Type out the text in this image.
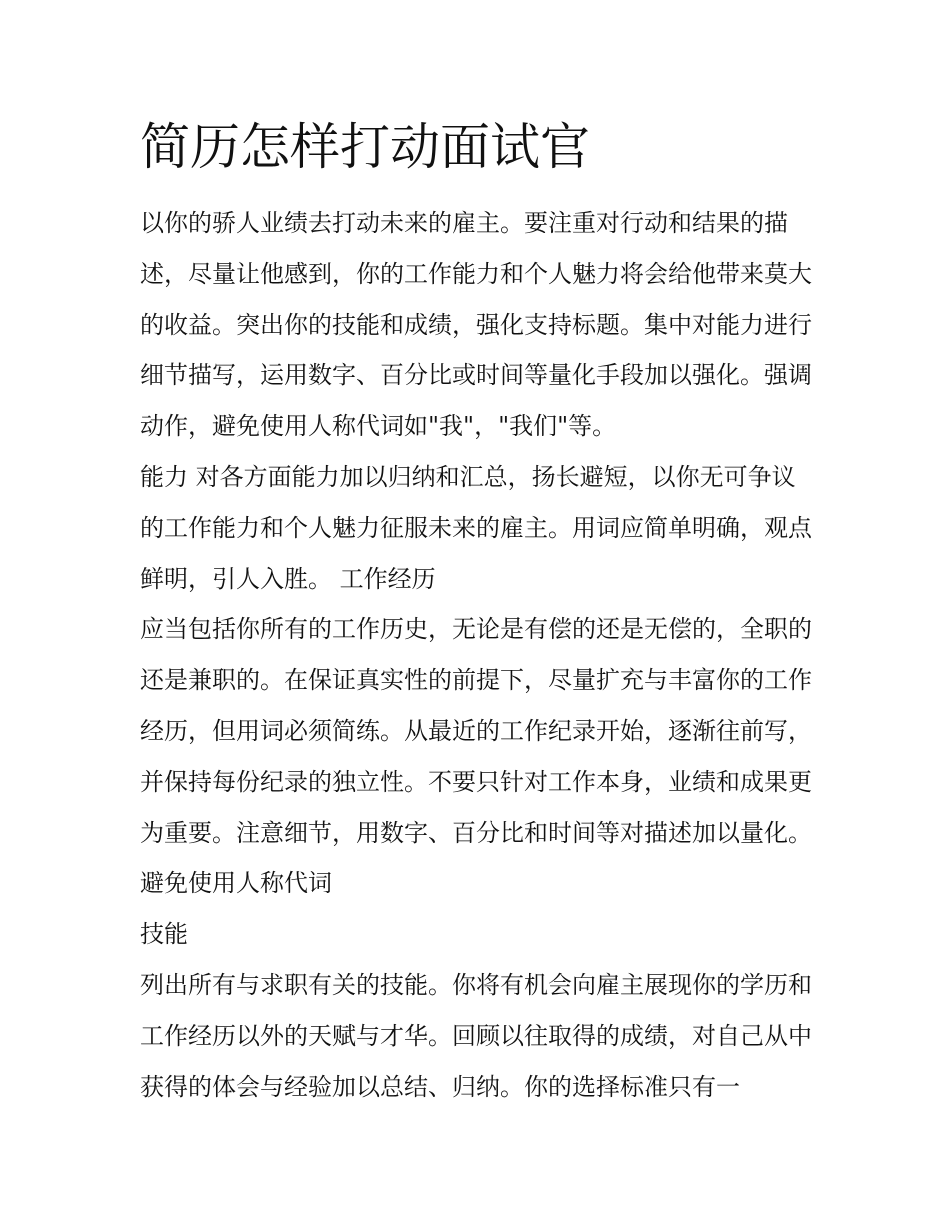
简历怎样打动面试官

以你的骄人业绩去打动未来的雇主。要注重对行动和结果的描述，尽量让他感到，你的工作能力和个人魅力将会给他带来莫大的收益。突出你的技能和成绩，强化支持标题。集中对能力进行细节描写，运用数字、百分比或时间等量化手段加以强化。强调动作，避免使用人称代词如"我"，"我们"等。

能力 对各方面能力加以归纳和汇总，扬长避短，以你无可争议的工作能力和个人魅力征服未来的雇主。用词应简单明确，观点鲜明，引人入胜。 工作经历

应当包括你所有的工作历史，无论是有偿的还是无偿的，全职的还是兼职的。在保证真实性的前提下，尽量扩充与丰富你的工作经历，但用词必须简练。从最近的工作纪录开始，逐渐往前写，并保持每份纪录的独立性。不要只针对工作本身，业绩和成果更为重要。注意细节，用数字、百分比和时间等对描述加以量化。避免使用人称代词

技能

列出所有与求职有关的技能。你将有机会向雇主展现你的学历和工作经历以外的天赋与才华。回顾以往取得的成绩，对自己从中获得的体会与经验加以总结、归纳。你的选择标准只有一
